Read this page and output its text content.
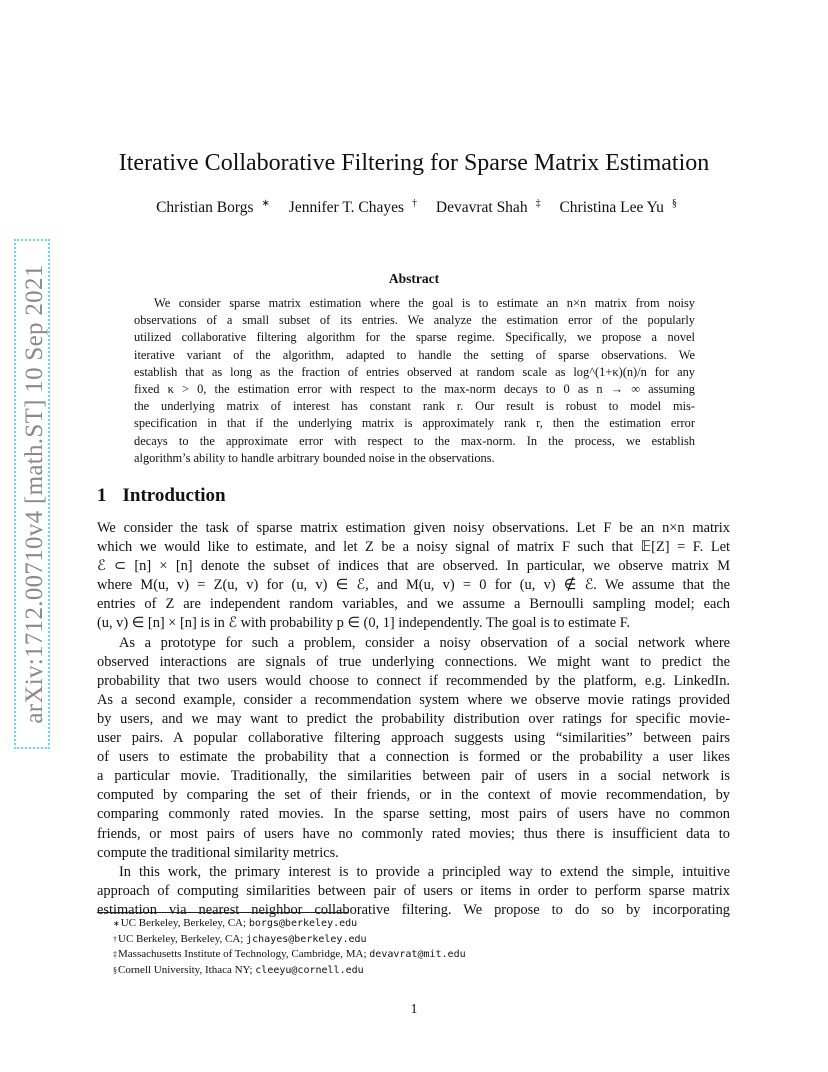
arXiv:1712.00710v4 [math.ST] 10 Sep 2021
Iterative Collaborative Filtering for Sparse Matrix Estimation
Christian Borgs ∗ Jennifer T. Chayes † Devavrat Shah ‡ Christina Lee Yu §
Abstract
We consider sparse matrix estimation where the goal is to estimate an n×n matrix from noisy
observations of a small subset of its entries. We analyze the estimation error of the popularly
utilized collaborative filtering algorithm for the sparse regime. Specifically, we propose a novel
iterative variant of the algorithm, adapted to handle the setting of sparse observations. We
establish that as long as the fraction of entries observed at random scale as log^(1+κ)(n)/n for any
fixed κ > 0, the estimation error with respect to the max-norm decays to 0 as n → ∞ assuming
the underlying matrix of interest has constant rank r. Our result is robust to model mis-
specification in that if the underlying matrix is approximately rank r, then the estimation error
decays to the approximate error with respect to the max-norm. In the process, we establish
algorithm’s ability to handle arbitrary bounded noise in the observations.
1 Introduction
We consider the task of sparse matrix estimation given noisy observations. Let F be an n×n matrix
which we would like to estimate, and let Z be a noisy signal of matrix F such that 𝔼[Z] = F. Let
ℰ ⊂ [n] × [n] denote the subset of indices that are observed. In particular, we observe matrix M
where M(u, v) = Z(u, v) for (u, v) ∈ ℰ, and M(u, v) = 0 for (u, v) ∉ ℰ. We assume that the
entries of Z are independent random variables, and we assume a Bernoulli sampling model; each
(u, v) ∈ [n] × [n] is in ℰ with probability p ∈ (0, 1] independently. The goal is to estimate F.
As a prototype for such a problem, consider a noisy observation of a social network where
observed interactions are signals of true underlying connections. We might want to predict the
probability that two users would choose to connect if recommended by the platform, e.g. LinkedIn.
As a second example, consider a recommendation system where we observe movie ratings provided
by users, and we may want to predict the probability distribution over ratings for specific movie-
user pairs. A popular collaborative filtering approach suggests using “similarities” between pairs
of users to estimate the probability that a connection is formed or the probability a user likes
a particular movie. Traditionally, the similarities between pair of users in a social network is
computed by comparing the set of their friends, or in the context of movie recommendation, by
comparing commonly rated movies. In the sparse setting, most pairs of users have no common
friends, or most pairs of users have no commonly rated movies; thus there is insufficient data to
compute the traditional similarity metrics.
In this work, the primary interest is to provide a principled way to extend the simple, intuitive
approach of computing similarities between pair of users or items in order to perform sparse matrix
estimation via nearest neighbor collaborative filtering. We propose to do so by incorporating
∗UC Berkeley, Berkeley, CA; borgs@berkeley.edu
†UC Berkeley, Berkeley, CA; jchayes@berkeley.edu
‡Massachusetts Institute of Technology, Cambridge, MA; devavrat@mit.edu
§Cornell University, Ithaca NY; cleeyu@cornell.edu
1
